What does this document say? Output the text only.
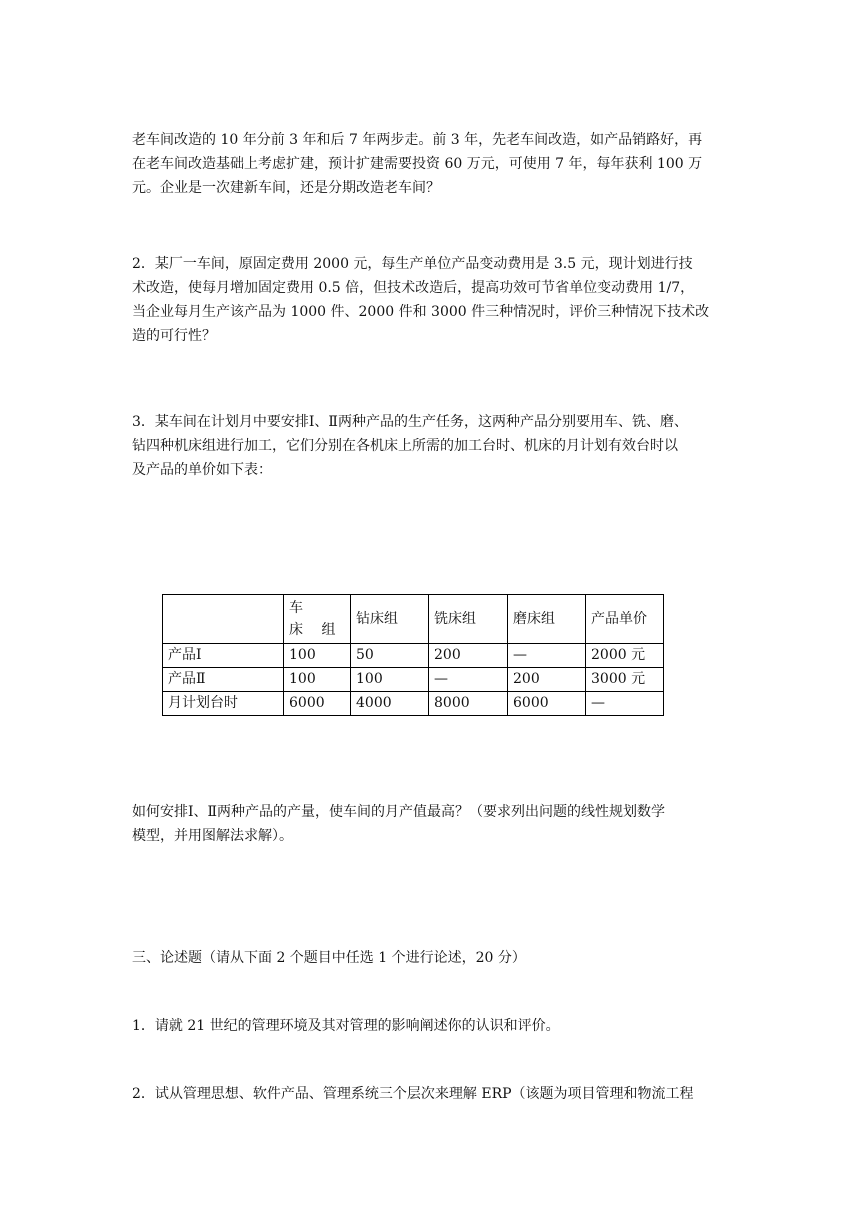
老车间改造的 10 年分前 3 年和后 7 年两步走。前 3 年，先老车间改造，如产品销路好，再
在老车间改造基础上考虑扩建，预计扩建需要投资 60 万元，可使用 7 年，每年获利 100 万
元。企业是一次建新车间，还是分期改造老车间？
2．某厂一车间，原固定费用 2000 元，每生产单位产品变动费用是 3.5 元，现计划进行技
术改造，使每月增加固定费用 0.5 倍，但技术改造后，提高功效可节省单位变动费用 1/7，
当企业每月生产该产品为 1000 件、2000 件和 3000 件三种情况时，评价三种情况下技术改
造的可行性？
3．某车间在计划月中要安排Ⅰ、Ⅱ两种产品的生产任务，这两种产品分别要用车、铣、磨、
钻四种机床组进行加工，它们分别在各机床上所需的加工台时、机床的月计划有效台时以
及产品的单价如下表：

	车　床 组	钻床组	铣床组	磨床组	产品单价
产品Ⅰ	100	50	200	—	2000 元
产品Ⅱ	100	100	—	200	3000 元
月计划台时	6000	4000	8000	6000	—
如何安排Ⅰ、Ⅱ两种产品的产量，使车间的月产值最高？（要求列出问题的线性规划数学
模型，并用图解法求解）。
三、论述题（请从下面 2 个题目中任选 1 个进行论述，20 分）
1．请就 21 世纪的管理环境及其对管理的影响阐述你的认识和评价。
2．试从管理思想、软件产品、管理系统三个层次来理解 ERP（该题为项目管理和物流工程
